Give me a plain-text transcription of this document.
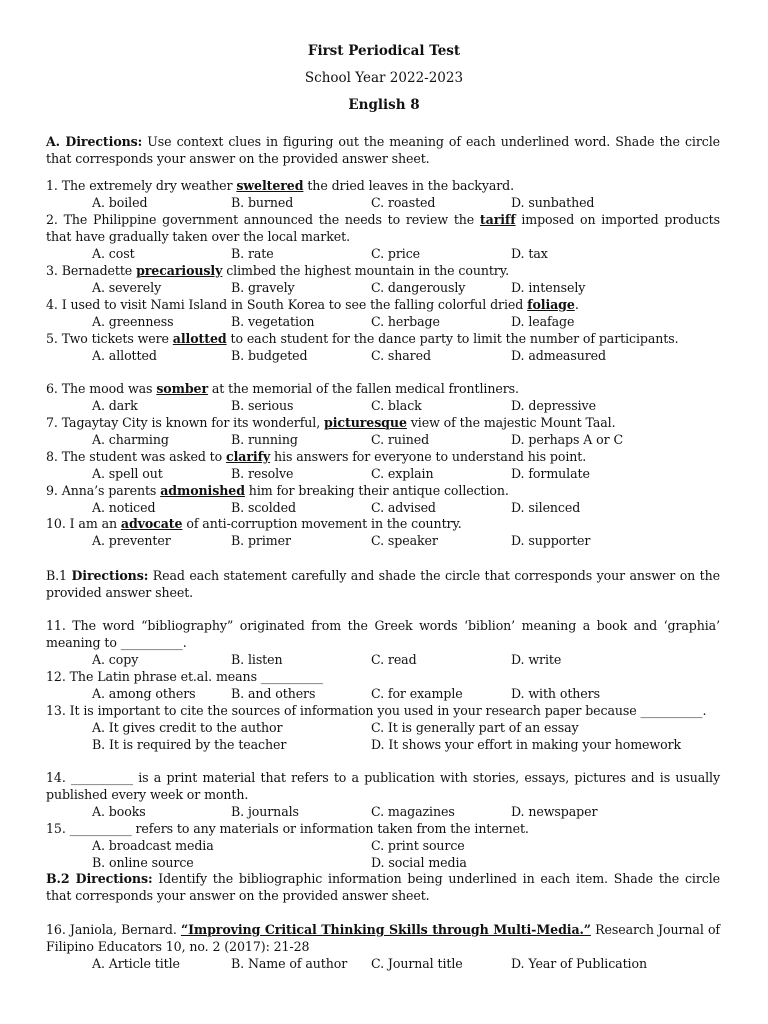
First Periodical Test
School Year 2022-2023
English 8
A. Directions: Use context clues in figuring out the meaning of each underlined word. Shade the circle that corresponds your answer on the provided answer sheet.
1. The extremely dry weather sweltered the dried leaves in the backyard.
A. boiled	B. burned	C. roasted	D. sunbathed
2. The Philippine government announced the needs to review the tariff imposed on imported products that have gradually taken over the local market.
A. cost	B. rate	C. price	D. tax
3. Bernadette precariously climbed the highest mountain in the country.
A. severely	B. gravely	C. dangerously	D. intensely
4. I used to visit Nami Island in South Korea to see the falling colorful dried foliage.
A. greenness	B. vegetation	C. herbage	D. leafage
5. Two tickets were allotted to each student for the dance party to limit the number of participants.
A. allotted	B. budgeted	C. shared	D. admeasured
6. The mood was somber at the memorial of the fallen medical frontliners.
A. dark	B. serious	C. black	D. depressive
7. Tagaytay City is known for its wonderful, picturesque view of the majestic Mount Taal.
A. charming	B. running	C. ruined	D. perhaps A or C
8. The student was asked to clarify his answers for everyone to understand his point.
A. spell out	B. resolve	C. explain	D. formulate
9. Anna’s parents admonished him for breaking their antique collection.
A. noticed	B. scolded	C. advised	D. silenced
10. I am an advocate of anti-corruption movement in the country.
A. preventer	B. primer	C. speaker	D. supporter
B.1 Directions: Read each statement carefully and shade the circle that corresponds your answer on the provided answer sheet.
11. The word “bibliography” originated from the Greek words ‘biblion’ meaning a book and ‘graphia’ meaning to __________.
A. copy	B. listen	C. read	D. write
12. The Latin phrase et.al. means __________
A. among others	B. and others	C. for example	D. with others
13. It is important to cite the sources of information you used in your research paper because __________.
A. It gives credit to the author	C. It is generally part of an essay
B. It is required by the teacher	D. It shows your effort in making your homework
14. __________ is a print material that refers to a publication with stories, essays, pictures and is usually published every week or month.
A. books	B. journals	C. magazines	D. newspaper
15. __________ refers to any materials or information taken from the internet.
A. broadcast media	C. print source
B. online source	D. social media
B.2 Directions: Identify the bibliographic information being underlined in each item. Shade the circle that corresponds your answer on the provided answer sheet.
16. Janiola, Bernard. “Improving Critical Thinking Skills through Multi-Media.” Research Journal of Filipino Educators 10, no. 2 (2017): 21-28
A. Article title	B. Name of author C. Journal title	D. Year of Publication
